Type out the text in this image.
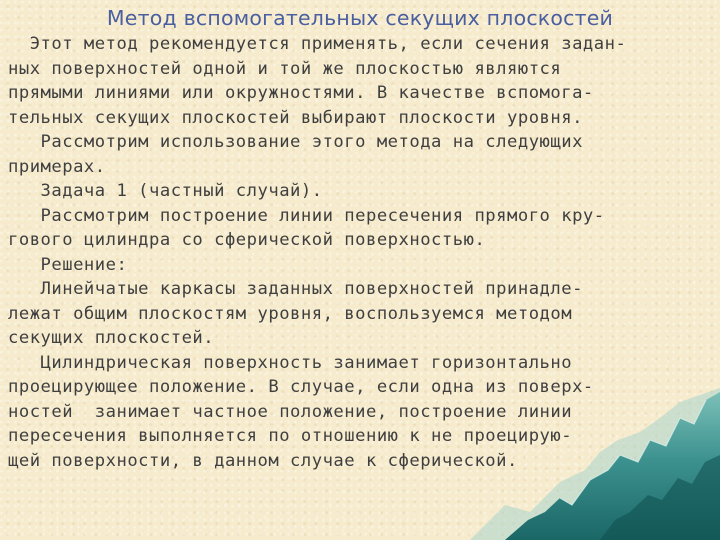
Метод вспомогательных секущих плоскостей
Этот метод рекомендуется применять, если сечения задан-
ных поверхностей одной и той же плоскостью являются
прямыми линиями или окружностями. В качестве вспомога-
тельных секущих плоскостей выбирают плоскости уровня.
Рассмотрим использование этого метода на следующих
примерах.
Задача 1 (частный случай).
Рассмотрим построение линии пересечения прямого кру-
гового цилиндра со сферической поверхностью.
Решение:
Линейчатые каркасы заданных поверхностей принадле-
лежат общим плоскостям уровня, воспользуемся методом
секущих плоскостей.
Цилиндрическая поверхность занимает горизонтально
проецирующее положение. В случае, если одна из поверх-
ностей  занимает частное положение, построение линии
пересечения выполняется по отношению к не проецирую-
щей поверхности, в данном случае к сферической.
